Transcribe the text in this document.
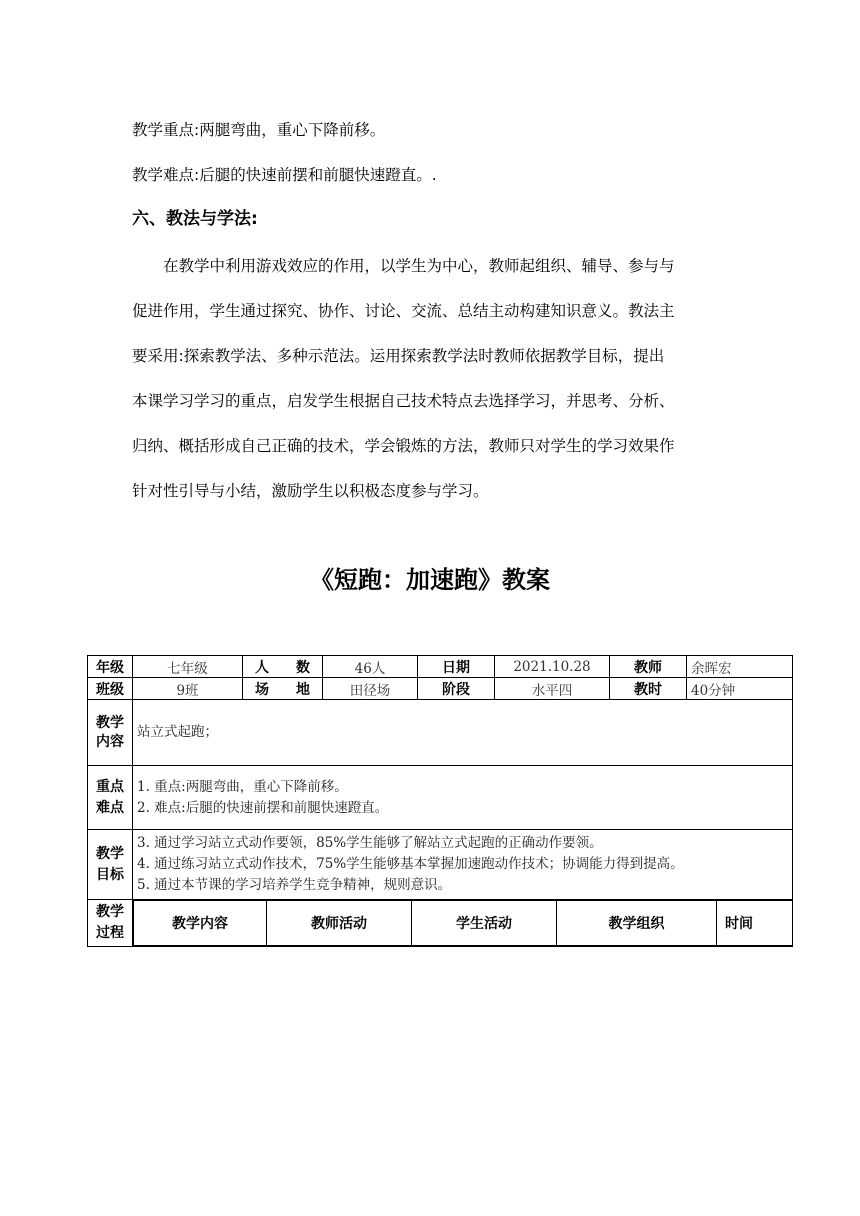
教学重点:两腿弯曲，重心下降前移。
教学难点:后腿的快速前摆和前腿快速蹬直。.
六、教法与学法:
在教学中利用游戏效应的作用，以学生为中心，教师起组织、辅导、参与与
促进作用，学生通过探究、协作、讨论、交流、总结主动构建知识意义。教法主
要采用:探索教学法、多种示范法。运用探索教学法时教师依据教学目标，提出
本课学习学习的重点，启发学生根据自己技术特点去选择学习，并思考、分析、
归纳、概括形成自己正确的技术，学会锻炼的方法，教师只对学生的学习效果作
针对性引导与小结，激励学生以积极态度参与学习。
《短跑：加速跑》教案
年级	七年级	人 数	46人	日期	2021.10.28	教师	余晖宏
班级	9班	场 地	田径场	阶段	水平四	教时	40分钟

教学
内容
	站立式起跑；

重点
难点

1. 重点:两腿弯曲，重心下降前移。
2. 难点:后腿的快速前摆和前腿快速蹬直。

教学
目标

3. 通过学习站立式动作要领，85%学生能够了解站立式起跑的正确动作要领。
4. 通过练习站立式动作技术，75%学生能够基本掌握加速跑动作技术；协调能力得到提高。
5. 通过本节课的学习培养学生竞争精神，规则意识。

教学
过程

教学内容	教师活动	学生活动	教学组织	时间
